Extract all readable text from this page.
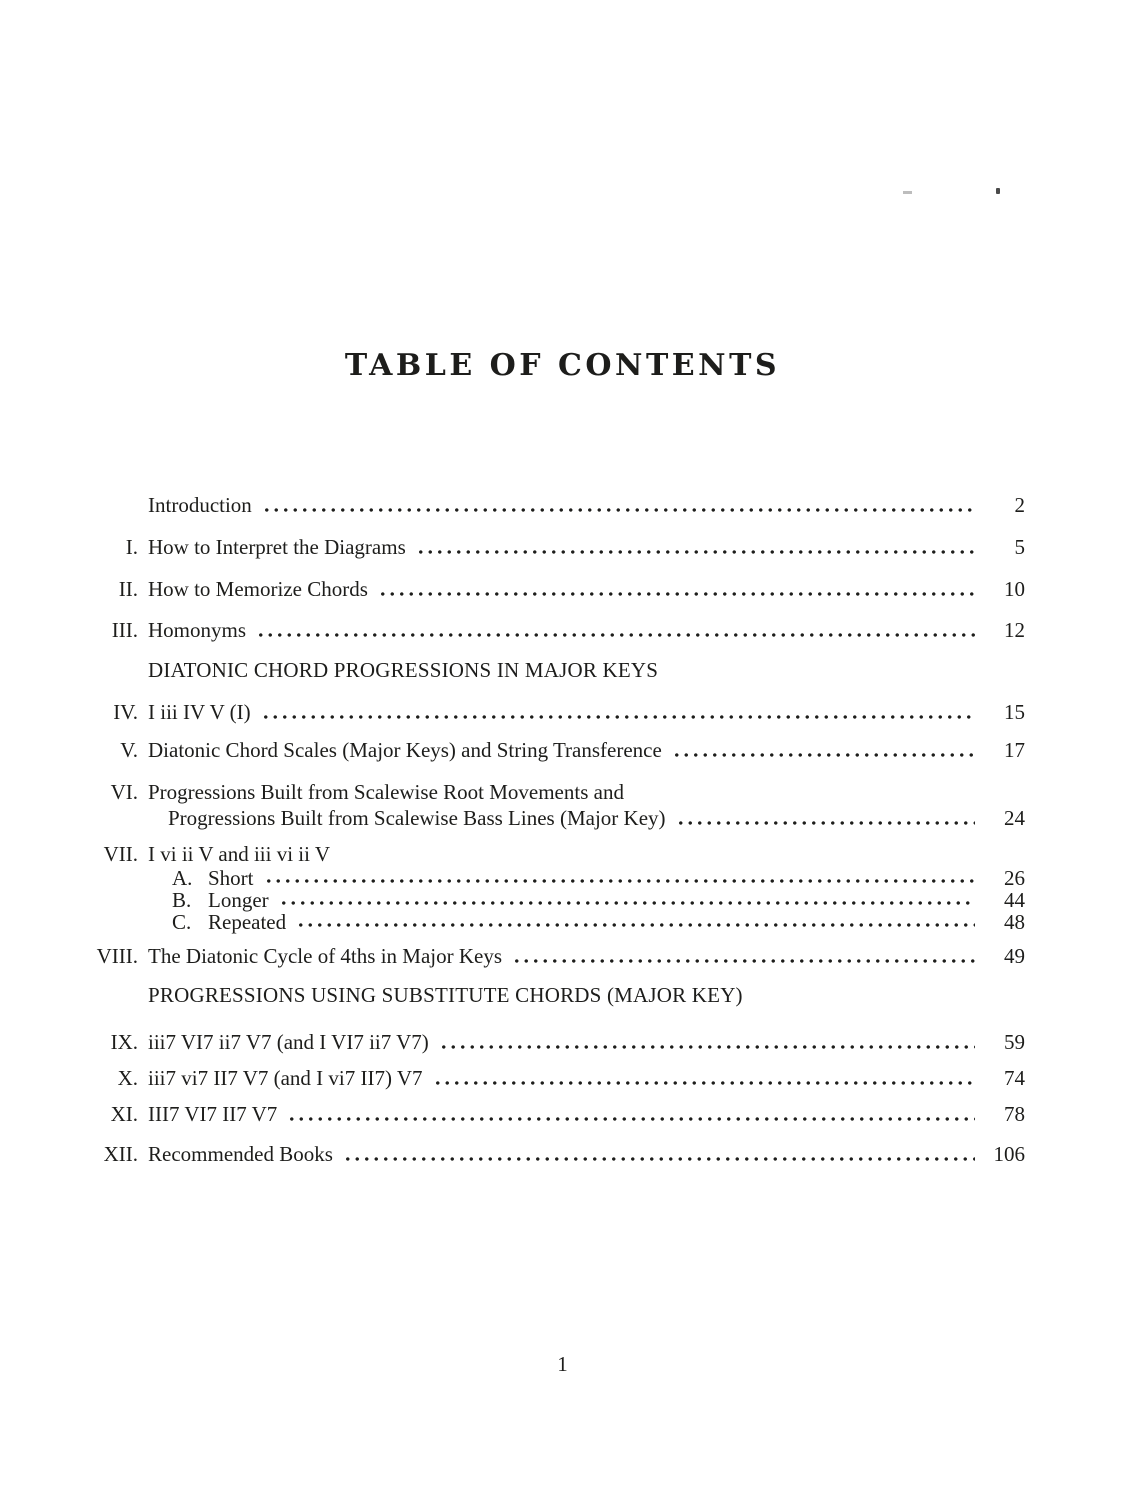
TABLE OF CONTENTS
Introduction	2
I. How to Interpret the Diagrams	5
II. How to Memorize Chords	10
III. Homonyms	12
DIATONIC CHORD PROGRESSIONS IN MAJOR KEYS
IV. I iii IV V (I)	15
V. Diatonic Chord Scales (Major Keys) and String Transference	17
VI. Progressions Built from Scalewise Root Movements and
Progressions Built from Scalewise Bass Lines (Major Key)	24
VII. I vi ii V and iii vi ii V
A. Short	26
B. Longer	44
C. Repeated	48
VIII. The Diatonic Cycle of 4ths in Major Keys	49
PROGRESSIONS USING SUBSTITUTE CHORDS (MAJOR KEY)
IX. iii7 VI7 ii7 V7 (and I VI7 ii7 V7)	59
X. iii7 vi7 II7 V7 (and I vi7 II7) V7	74
XI. III7 VI7 II7 V7	78
XII. Recommended Books	106
1
